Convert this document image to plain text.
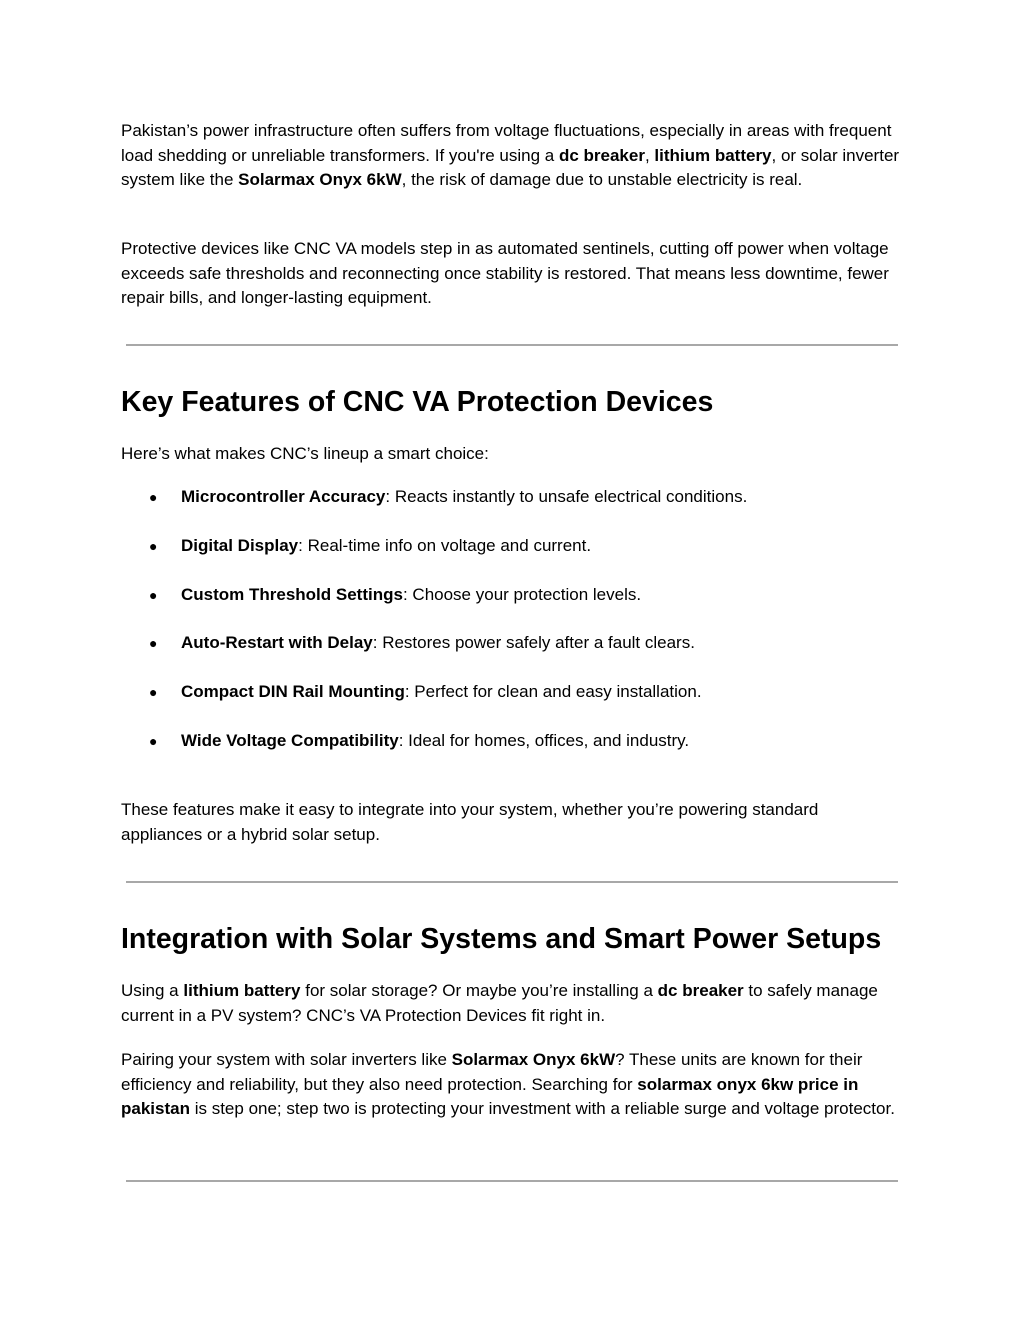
Pakistan’s power infrastructure often suffers from voltage fluctuations, especially in areas with frequent load shedding or unreliable transformers. If you're using a dc breaker, lithium battery, or solar inverter system like the Solarmax Onyx 6kW, the risk of damage due to unstable electricity is real.

Protective devices like CNC VA models step in as automated sentinels, cutting off power when voltage exceeds safe thresholds and reconnecting once stability is restored. That means less downtime, fewer repair bills, and longer-lasting equipment.

Key Features of CNC VA Protection Devices

Here’s what makes CNC’s lineup a smart choice:

● Microcontroller Accuracy: Reacts instantly to unsafe electrical conditions.
● Digital Display: Real-time info on voltage and current.
● Custom Threshold Settings: Choose your protection levels.
● Auto-Restart with Delay: Restores power safely after a fault clears.
● Compact DIN Rail Mounting: Perfect for clean and easy installation.
● Wide Voltage Compatibility: Ideal for homes, offices, and industry.

These features make it easy to integrate into your system, whether you’re powering standard appliances or a hybrid solar setup.

Integration with Solar Systems and Smart Power Setups

Using a lithium battery for solar storage? Or maybe you’re installing a dc breaker to safely manage current in a PV system? CNC’s VA Protection Devices fit right in.

Pairing your system with solar inverters like Solarmax Onyx 6kW? These units are known for their efficiency and reliability, but they also need protection. Searching for solarmax onyx 6kw price in pakistan is step one; step two is protecting your investment with a reliable surge and voltage protector.
